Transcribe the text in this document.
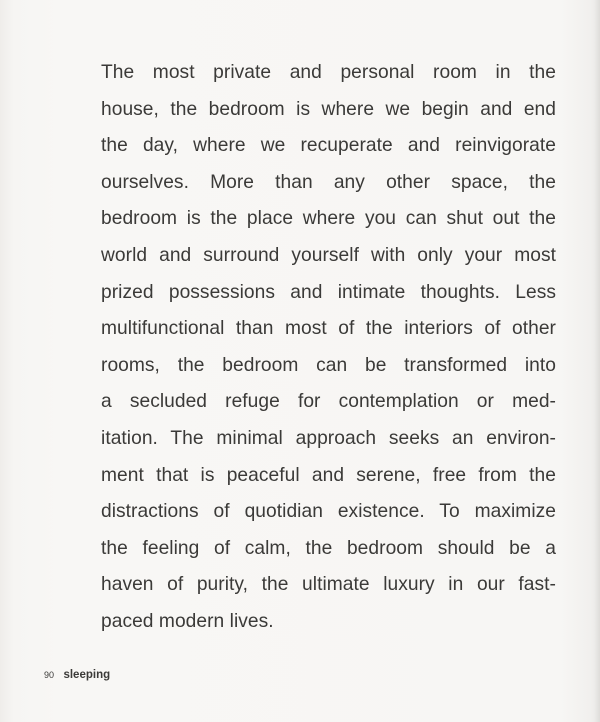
The most private and personal room in the
house, the bedroom is where we begin and end
the day, where we recuperate and reinvigorate
ourselves. More than any other space, the
bedroom is the place where you can shut out the
world and surround yourself with only your most
prized possessions and intimate thoughts. Less
multifunctional than most of the interiors of other
rooms, the bedroom can be transformed into
a secluded refuge for contemplation or med-
itation. The minimal approach seeks an environ-
ment that is peaceful and serene, free from the
distractions of quotidian existence. To maximize
the feeling of calm, the bedroom should be a
haven of purity, the ultimate luxury in our fast-
paced modern lives.
90 sleeping
